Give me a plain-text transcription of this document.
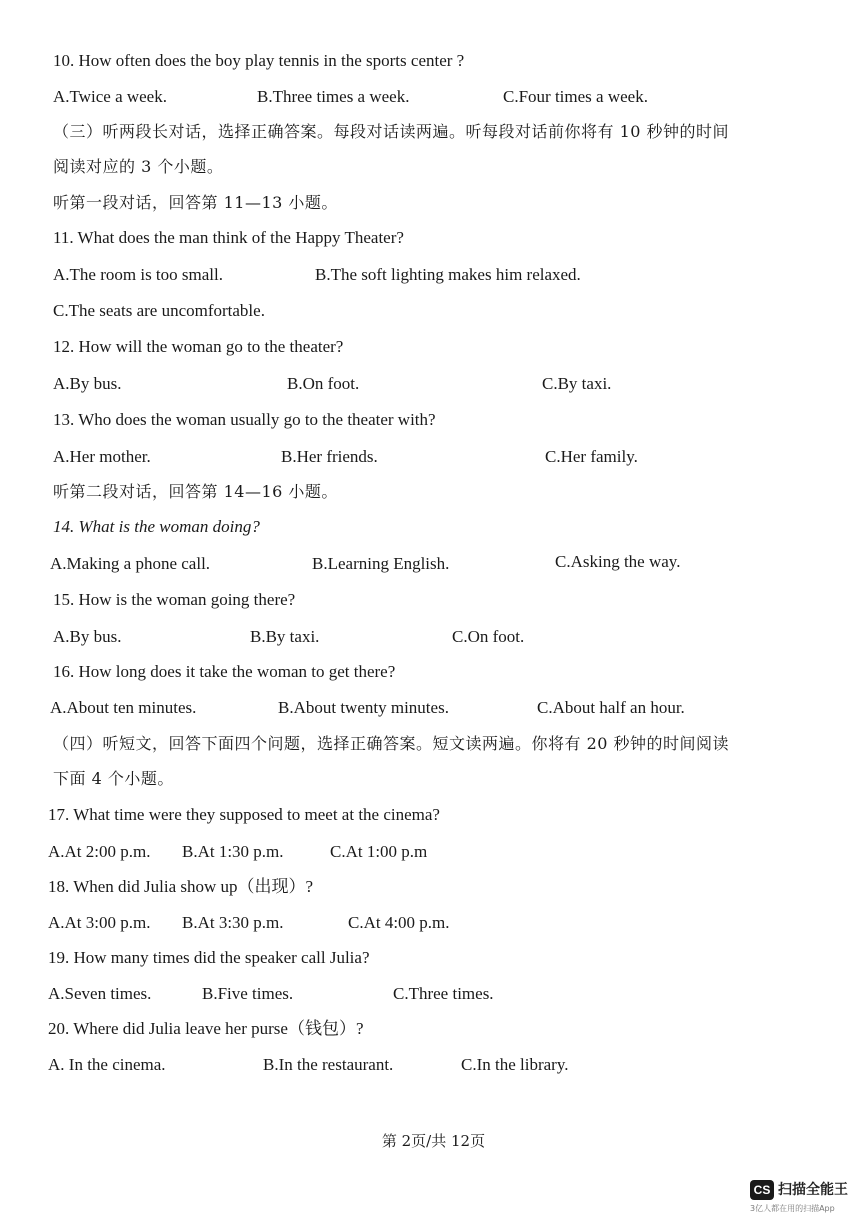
10. How often does the boy play tennis in the sports center ?
A.Twice a week.	B.Three times a week.	C.Four times a week.
（三）听两段长对话，选择正确答案。每段对话读两遍。听每段对话前你将有 10 秒钟的时间
阅读对应的 3 个小题。
听第一段对话，回答第 11—13 小题。
11. What does the man think of the Happy Theater?
A.The room is too small.	B.The soft lighting makes him relaxed.
C.The seats are uncomfortable.
12. How will the woman go to the theater?
A.By bus.	B.On foot.	C.By taxi.
13. Who does the woman usually go to the theater with?
A.Her mother.	B.Her friends.	C.Her family.
听第二段对话，回答第 14—16 小题。
14. What is the woman doing?
A.Making a phone call.	B.Learning English.	C.Asking the way.
15. How is the woman going there?
A.By bus.	B.By taxi.	C.On foot.
16. How long does it take the woman to get there?
A.About ten minutes.	B.About twenty minutes.	C.About half an hour.
（四）听短文，回答下面四个问题，选择正确答案。短文读两遍。你将有 20 秒钟的时间阅读
下面 4 个小题。
17. What time were they supposed to meet at the cinema?
A.At 2:00 p.m. B.At 1:30 p.m.	C.At 1:00 p.m
18. When did Julia show up（出现）?
A.At 3:00 p.m. B.At 3:30 p.m.	C.At 4:00 p.m.
19. How many times did the speaker call Julia?
A.Seven times.	B.Five times.	C.Three times.
20. Where did Julia leave her purse（钱包）?
A. In the cinema.	B.In the restaurant.	C.In the library.
第 2页/共 12页
CS 扫描全能王
3亿人都在用的扫描App
